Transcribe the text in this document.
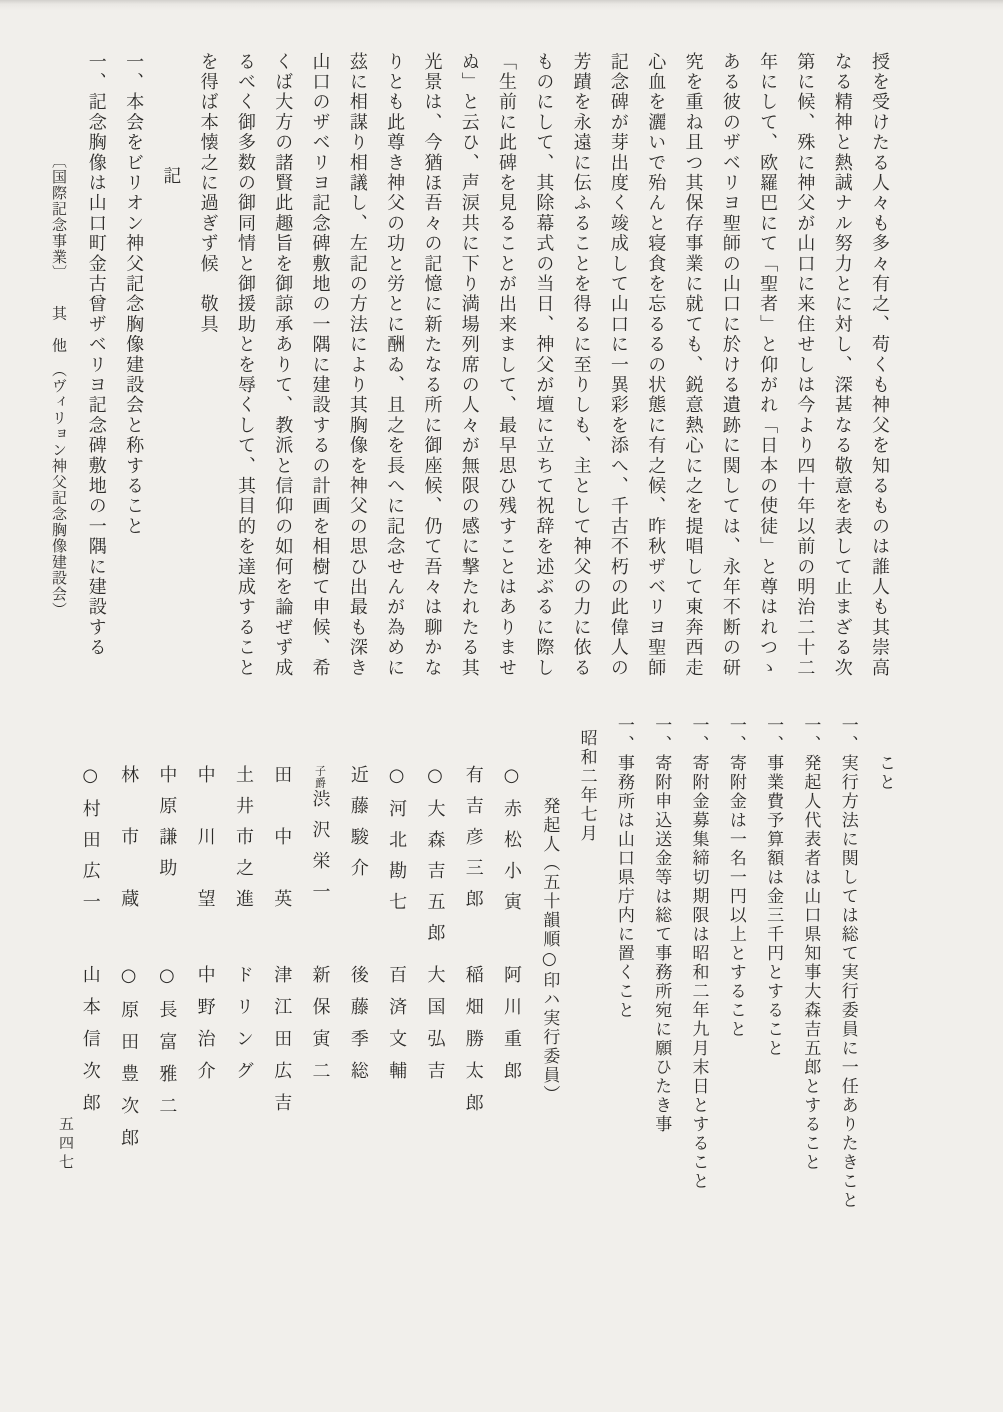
授を受けたる人々も多々有之、苟くも神父を知るものは誰人も其崇高
なる精神と熱誠ナル努力とに対し、深甚なる敬意を表して止まざる次
第に候、殊に神父が山口に来住せしは今より四十年以前の明治二十二
年にして、欧羅巴にて「聖者」と仰がれ「日本の使徒」と尊はれつゝ
ある彼のザベリヨ聖師の山口に於ける遺跡に関しては、永年不断の研
究を重ね且つ其保存事業に就ても、鋭意熱心に之を提唱して東奔西走
心血を灑いで殆んと寝食を忘るるの状態に有之候、昨秋ザベリヨ聖師
記念碑が芽出度く竣成して山口に一異彩を添へ、千古不朽の此偉人の
芳蹟を永遠に伝ふることを得るに至りしも、主として神父の力に依る
ものにして、其除幕式の当日、神父が壇に立ちて祝辞を述ぶるに際し
「生前に此碑を見ることが出来まして、最早思ひ残すことはありませ
ぬ」と云ひ、声涙共に下り満場列席の人々が無限の感に撃たれたる其
光景は、今猶ほ吾々の記憶に新たなる所に御座候、仍て吾々は聊かな
りとも此尊き神父の功と労とに酬ゐ、且之を長へに記念せんが為めに
茲に相謀り相議し、左記の方法により其胸像を神父の思ひ出最も深き
山口のザベリヨ記念碑敷地の一隅に建設するの計画を相樹て申候、希
くば大方の諸賢此趣旨を御諒承ありて、教派と信仰の如何を論ぜず成
るべく御多数の御同情と御援助とを辱くして、其目的を達成すること
を得ば本懐之に過ぎず候　敬具
記
一、本会をビリオン神父記念胸像建設会と称すること
一、記念胸像は山口町金古曾ザベリヨ記念碑敷地の一隅に建設する
〔国際記念事業〕　　其　他　（ヴィリョン神父記念胸像建設会）
こと
一、実行方法に関しては総て実行委員に一任ありたきこと
一、発起人代表者は山口県知事大森吉五郎とすること
一、事業費予算額は金三千円とすること
一、寄附金は一名一円以上とすること
一、寄附金募集締切期限は昭和二年九月末日とすること
一、寄附申込送金等は総て事務所宛に願ひたき事
一、事務所は山口県庁内に置くこと
昭和二年七月
発起人（五十韻順○印ハ実行委員）
○赤松小寅阿川重郎
有吉彦三郎稲畑勝太郎
○大森吉五郎大国弘吉
○河北勘七百済文輔
近藤駿介後藤季総
子爵渋沢栄一新保寅二
田　中　英津江田広吉
土井市之進ドリング
中　川　望中野治介
中原謙助○長富雅二
林　市　蔵○原田豊次郎
○村田広一山本信次郎
五四七
